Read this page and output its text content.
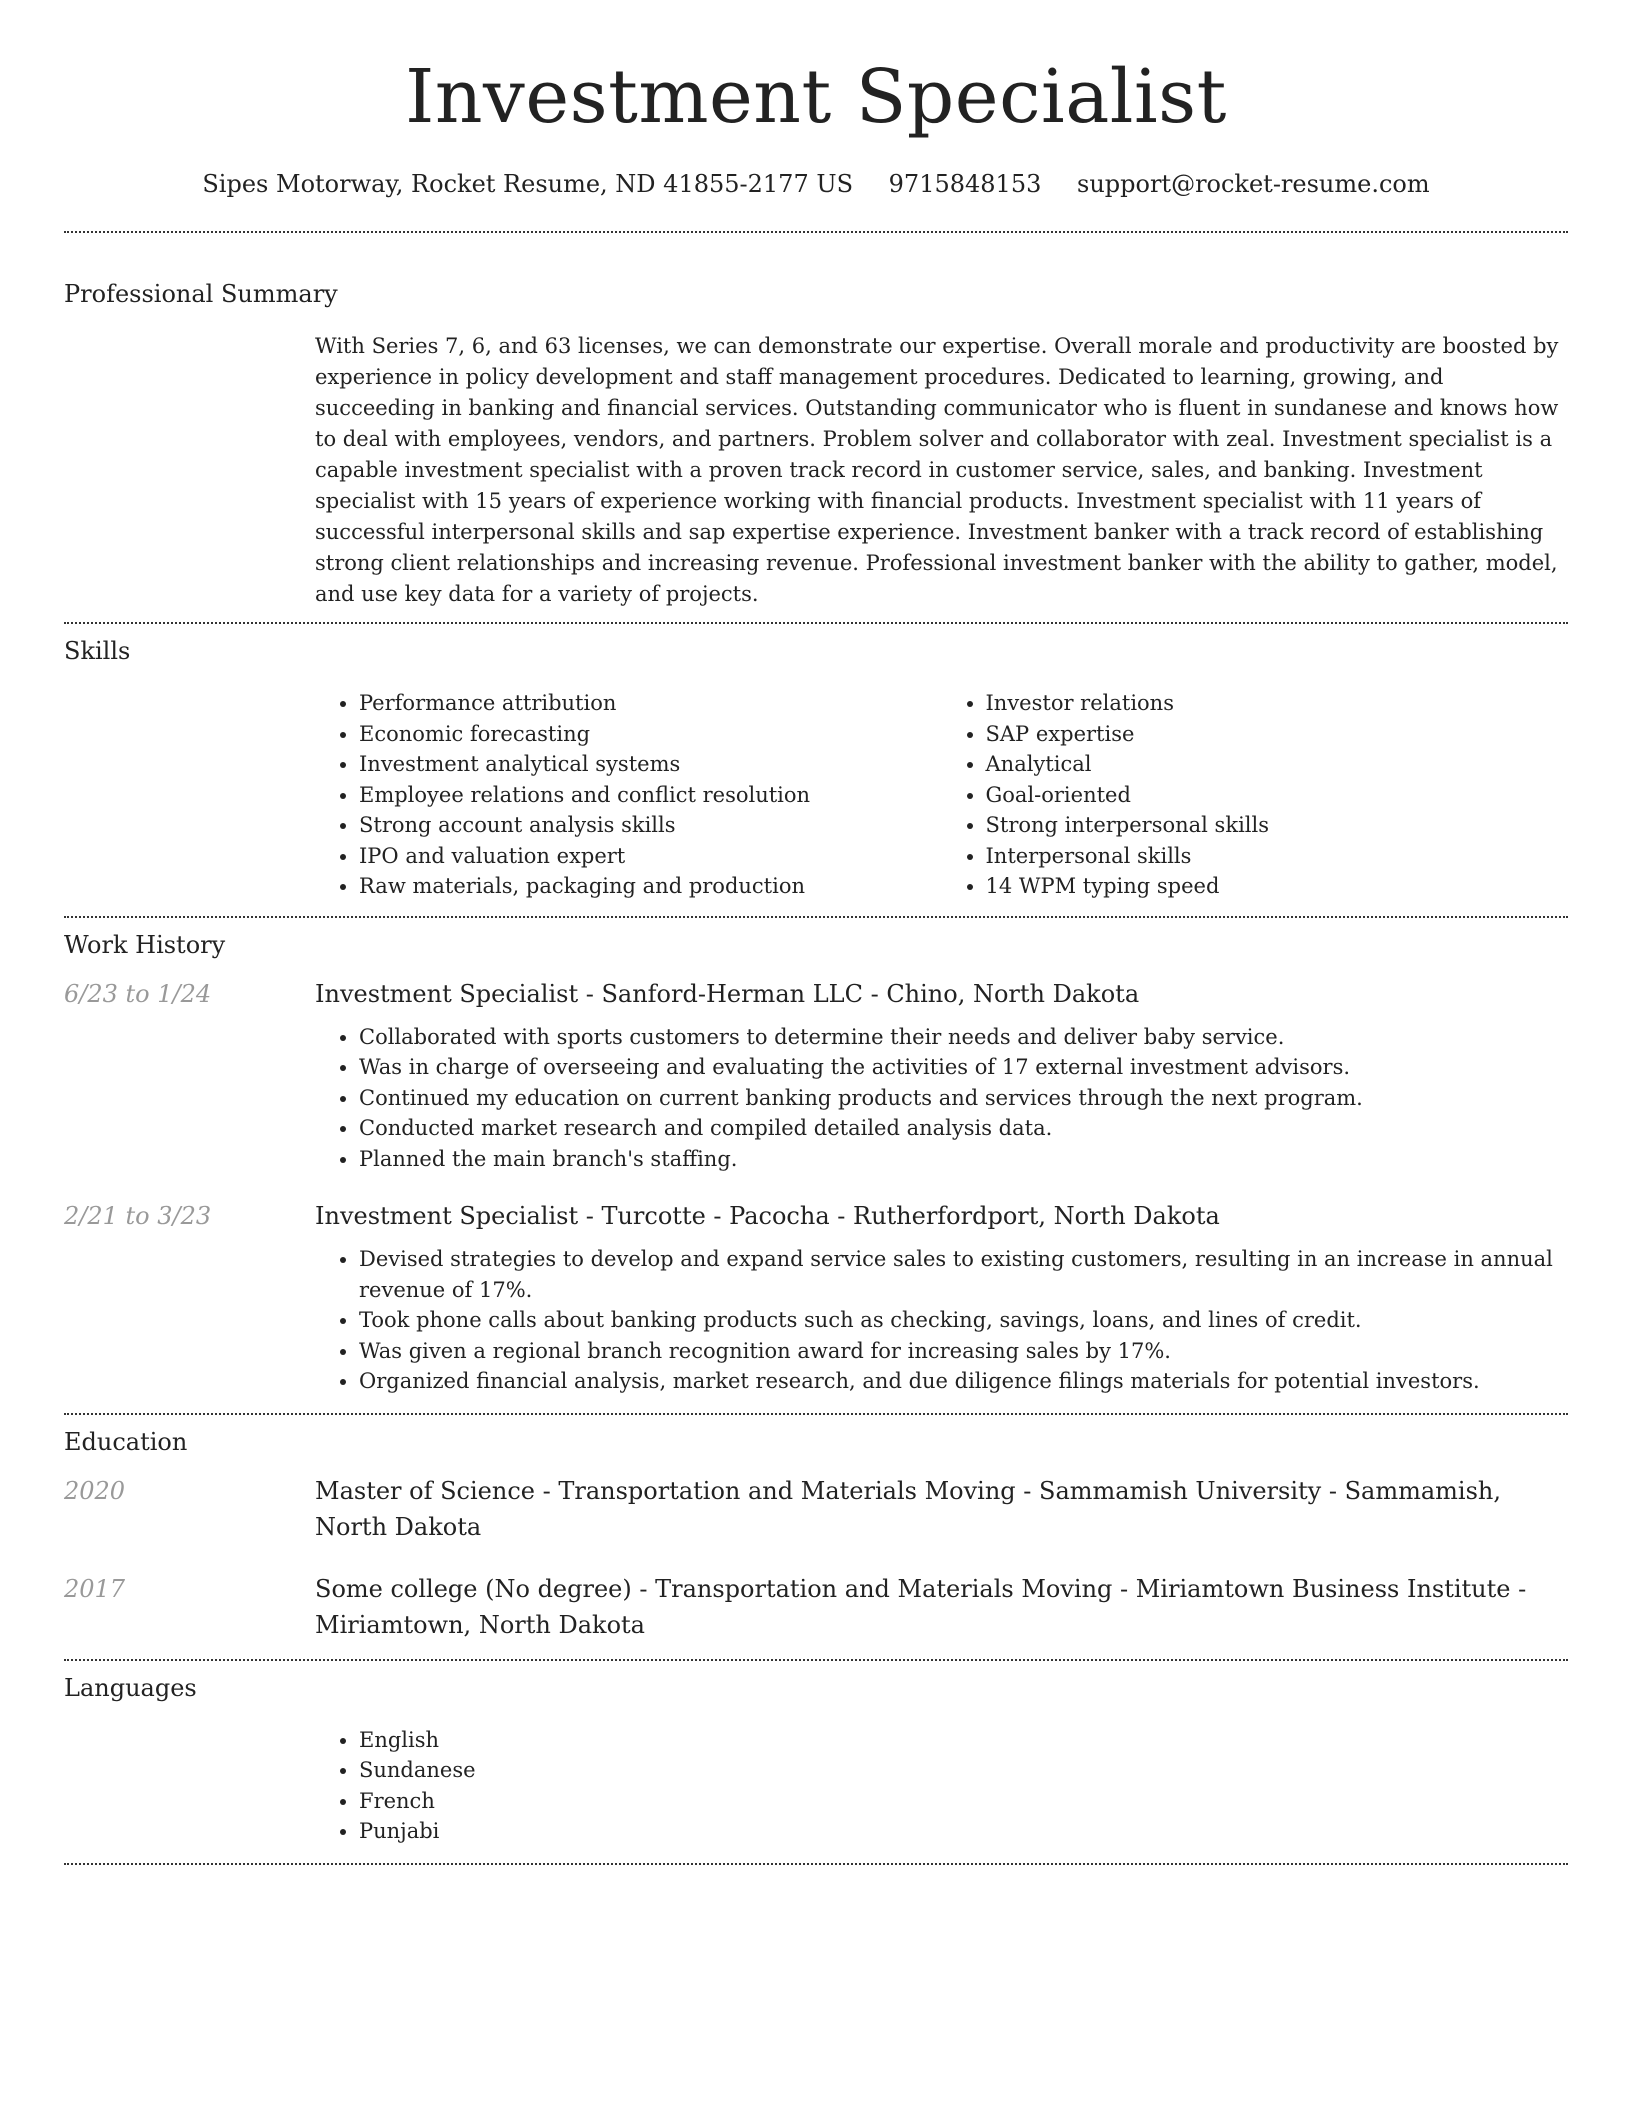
Investment Specialist
Sipes Motorway, Rocket Resume, ND 41855-2177 US 9715848153 support@rocket-resume.com
Professional Summary
With Series 7, 6, and 63 licenses, we can demonstrate our expertise. Overall morale and productivity are boosted by experience in policy development and staff management procedures. Dedicated to learning, growing, and succeeding in banking and financial services. Outstanding communicator who is fluent in sundanese and knows how to deal with employees, vendors, and partners. Problem solver and collaborator with zeal. Investment specialist is a capable investment specialist with a proven track record in customer service, sales, and banking. Investment specialist with 15 years of experience working with financial products. Investment specialist with 11 years of successful interpersonal skills and sap expertise experience. Investment banker with a track record of establishing strong client relationships and increasing revenue. Professional investment banker with the ability to gather, model, and use key data for a variety of projects.
Skills
• Performance attribution
• Economic forecasting
• Investment analytical systems
• Employee relations and conflict resolution
• Strong account analysis skills
• IPO and valuation expert
• Raw materials, packaging and production
• Investor relations
• SAP expertise
• Analytical
• Goal-oriented
• Strong interpersonal skills
• Interpersonal skills
• 14 WPM typing speed
Work History
6/23 to 1/24	Investment Specialist - Sanford-Herman LLC - Chino, North Dakota
• Collaborated with sports customers to determine their needs and deliver baby service.
• Was in charge of overseeing and evaluating the activities of 17 external investment advisors.
• Continued my education on current banking products and services through the next program.
• Conducted market research and compiled detailed analysis data.
• Planned the main branch's staffing.
2/21 to 3/23	Investment Specialist - Turcotte - Pacocha - Rutherfordport, North Dakota
• Devised strategies to develop and expand service sales to existing customers, resulting in an increase in annual revenue of 17%.
• Took phone calls about banking products such as checking, savings, loans, and lines of credit.
• Was given a regional branch recognition award for increasing sales by 17%.
• Organized financial analysis, market research, and due diligence filings materials for potential investors.
Education
2020	Master of Science - Transportation and Materials Moving - Sammamish University - Sammamish, North Dakota
2017	Some college (No degree) - Transportation and Materials Moving - Miriamtown Business Institute - Miriamtown, North Dakota
Languages
• English
• Sundanese
• French
• Punjabi
